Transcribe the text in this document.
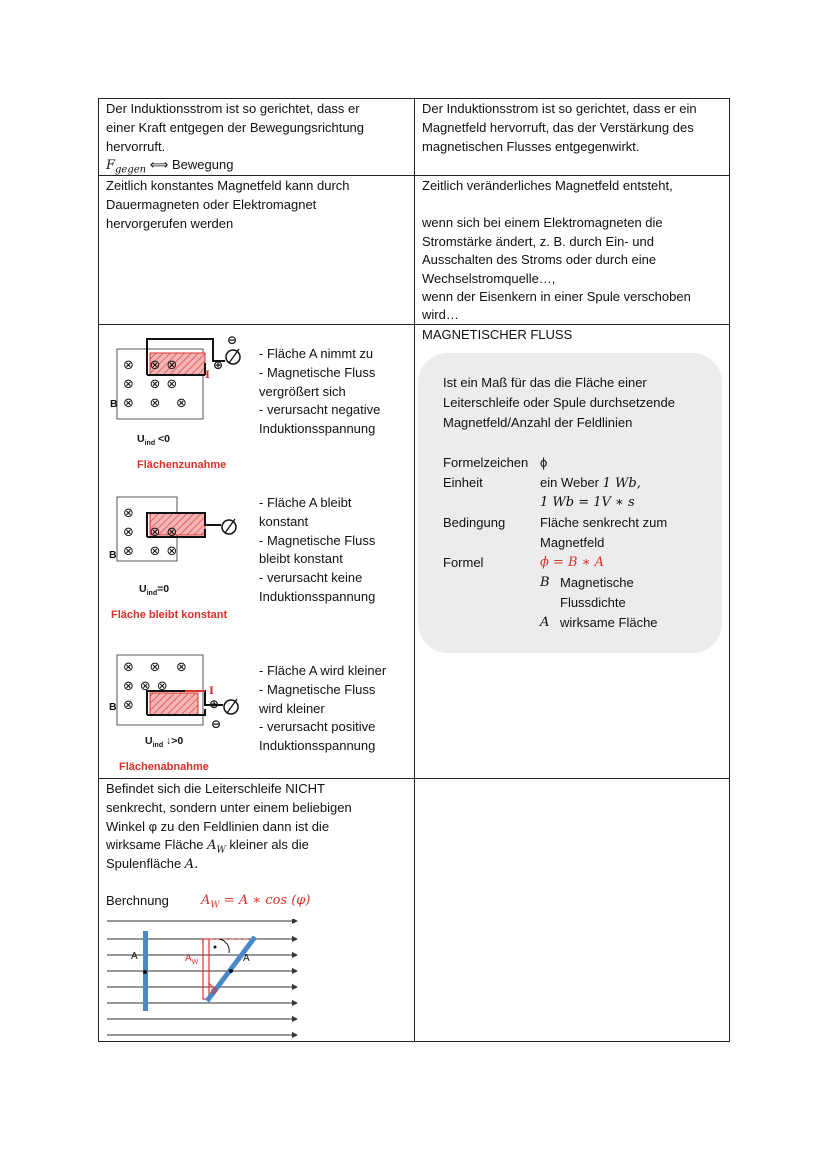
Der Induktionsstrom ist so gerichtet, dass er
einer Kraft entgegen der Bewegungsrichtung
hervorruft.
$F_{gegen}$ ⟺ Bewegung
Der Induktionsstrom ist so gerichtet, dass er ein
Magnetfeld hervorruft, das der Verstärkung des
magnetischen Flusses entgegenwirkt.
Zeitlich konstantes Magnetfeld kann durch
Dauermagneten oder Elektromagnet
hervorgerufen werden
Zeitlich veränderliches Magnetfeld entsteht,
wenn sich bei einem Elektromagneten die
Stromstärke ändert, z. B. durch Ein- und
Ausschalten des Stroms oder durch eine
Wechselstromquelle…,
wenn der Eisenkern in einer Spule verschoben
wird…
⊖
⊕
I
B
⊗ ⊗⊗
⊗ ⊗⊗
⊗ ⊗ ⊗
$U_{ind} <0$
Flächenzunahme
- Fläche A nimmt zu
- Magnetische Fluss
vergrößert sich
- verursacht negative
Induktionsspannung
B
⊗
⊗ ⊗⊗
⊗ ⊗⊗
$U_{ind}=0$
Fläche bleibt konstant
- Fläche A bleibt
konstant
- Magnetische Fluss
bleibt konstant
- verursacht keine
Induktionsspannung
I
⊕
⊖
B
⊗ ⊗ ⊗
⊗⊗⊗
⊗
$U_{ind}$ ↓>0
Flächenabnahme
- Fläche A wird kleiner
- Magnetische Fluss
wird kleiner
- verursacht positive
Induktionsspannung
MAGNETISCHER FLUSS
Ist ein Maß für das die Fläche einer
Leiterschleife oder Spule durchsetzende
Magnetfeld/Anzahl der Feldlinien
Formelzeichen ϕ
Einheit	ein Weber 1 Wb,
1 Wb = 1V ∗ s
Bedingung	Fläche senkrecht zum
Magnetfeld
Formel	ϕ = B ∗ A
B Magnetische
Flussdichte
A wirksame Fläche
Befindet sich die Leiterschleife NICHT
senkrecht, sondern unter einem beliebigen
Winkel φ zu den Feldlinien dann ist die
wirksame Fläche $A_W$ kleiner als die
Spulenfläche A.
Berchnung $A_W = A$ ∗ cos (φ)
A	$A_W$	A
φ
